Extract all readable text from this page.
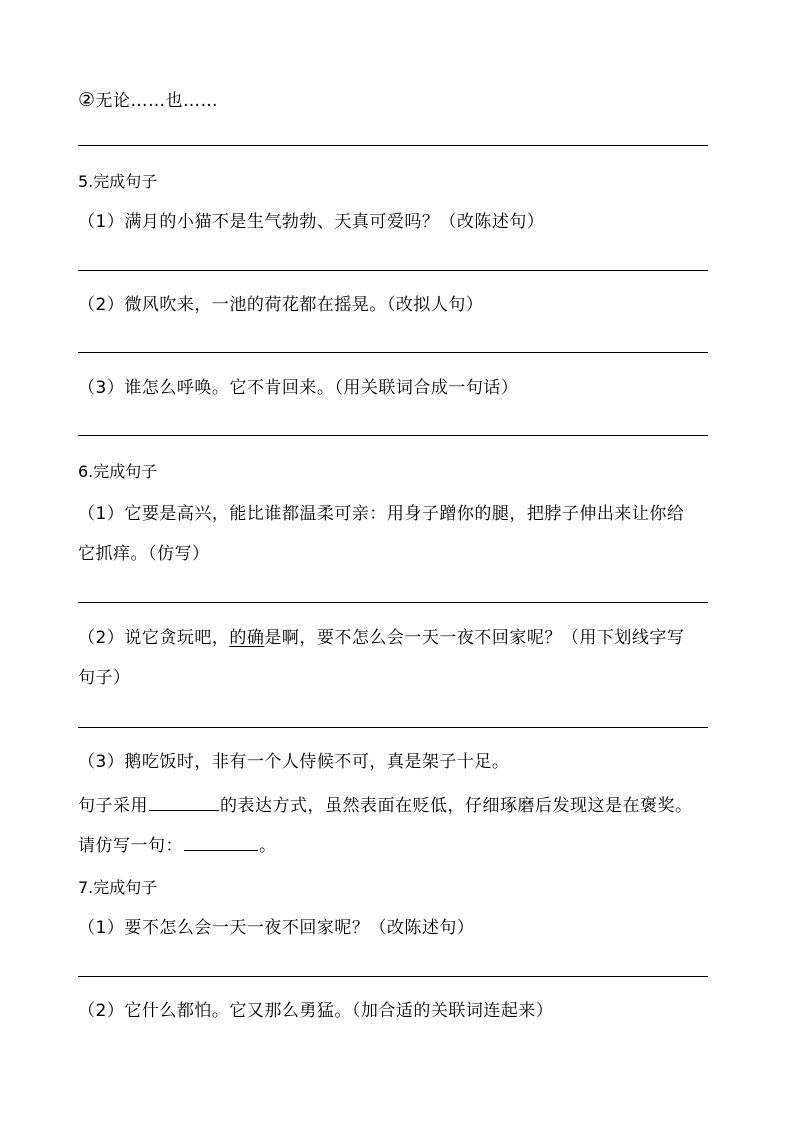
②无论……也……
5.完成句子
（1）满月的小猫不是生气勃勃、天真可爱吗？（改陈述句）
（2）微风吹来，一池的荷花都在摇晃。（改拟人句）
（3）谁怎么呼唤。它不肯回来。（用关联词合成一句话）
6.完成句子
（1）它要是高兴，能比谁都温柔可亲：用身子蹭你的腿，把脖子伸出来让你给
它抓痒。（仿写）
（2）说它贪玩吧，的确是啊，要不怎么会一天一夜不回家呢？（用下划线字写
句子）
（3）鹅吃饭时，非有一个人侍候不可，真是架子十足。
句子采用	的表达方式，虽然表面在贬低，仔细琢磨后发现这是在褒奖。
请仿写一句：	。
7.完成句子
（1）要不怎么会一天一夜不回家呢？（改陈述句）
（2）它什么都怕。它又那么勇猛。（加合适的关联词连起来）
